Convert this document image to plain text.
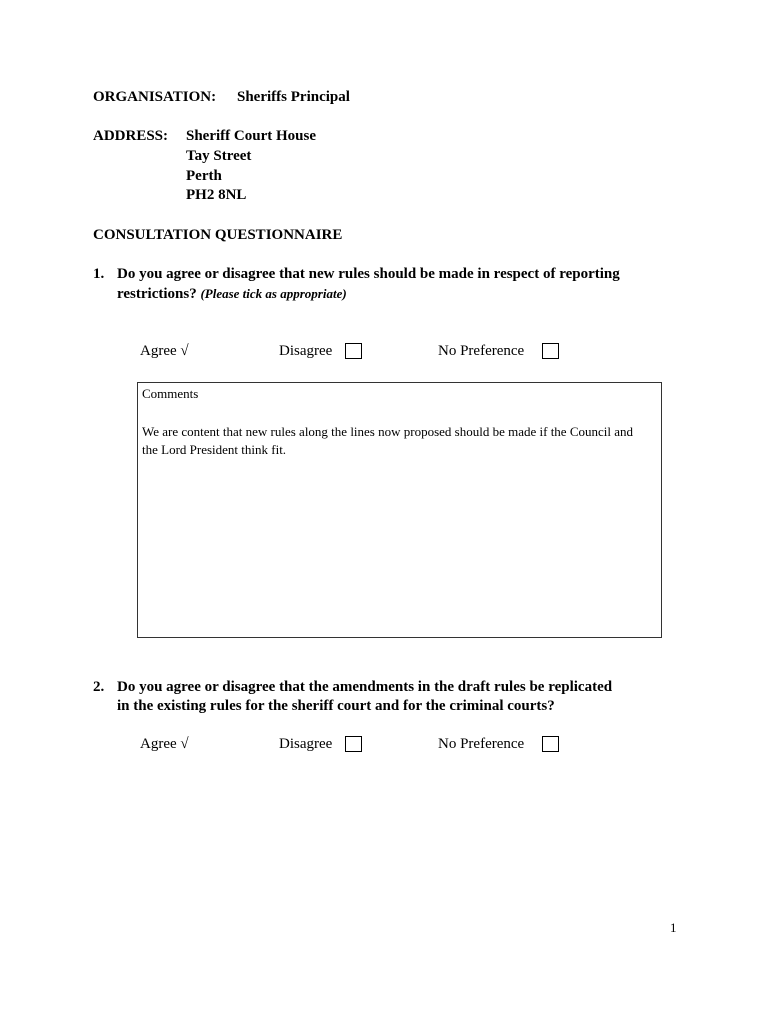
ORGANISATION: Sheriffs Principal
ADDRESS: Sheriff Court House
Tay Street
Perth
PH2 8NL
CONSULTATION QUESTIONNAIRE
1. Do you agree or disagree that new rules should be made in respect of reporting
restrictions? (Please tick as appropriate)
Agree √	Disagree	No Preference
Comments
We are content that new rules along the lines now proposed should be made if the Council and the Lord President think fit.
2. Do you agree or disagree that the amendments in the draft rules be replicated
in the existing rules for the sheriff court and for the criminal courts?
Agree √	Disagree	No Preference
1
